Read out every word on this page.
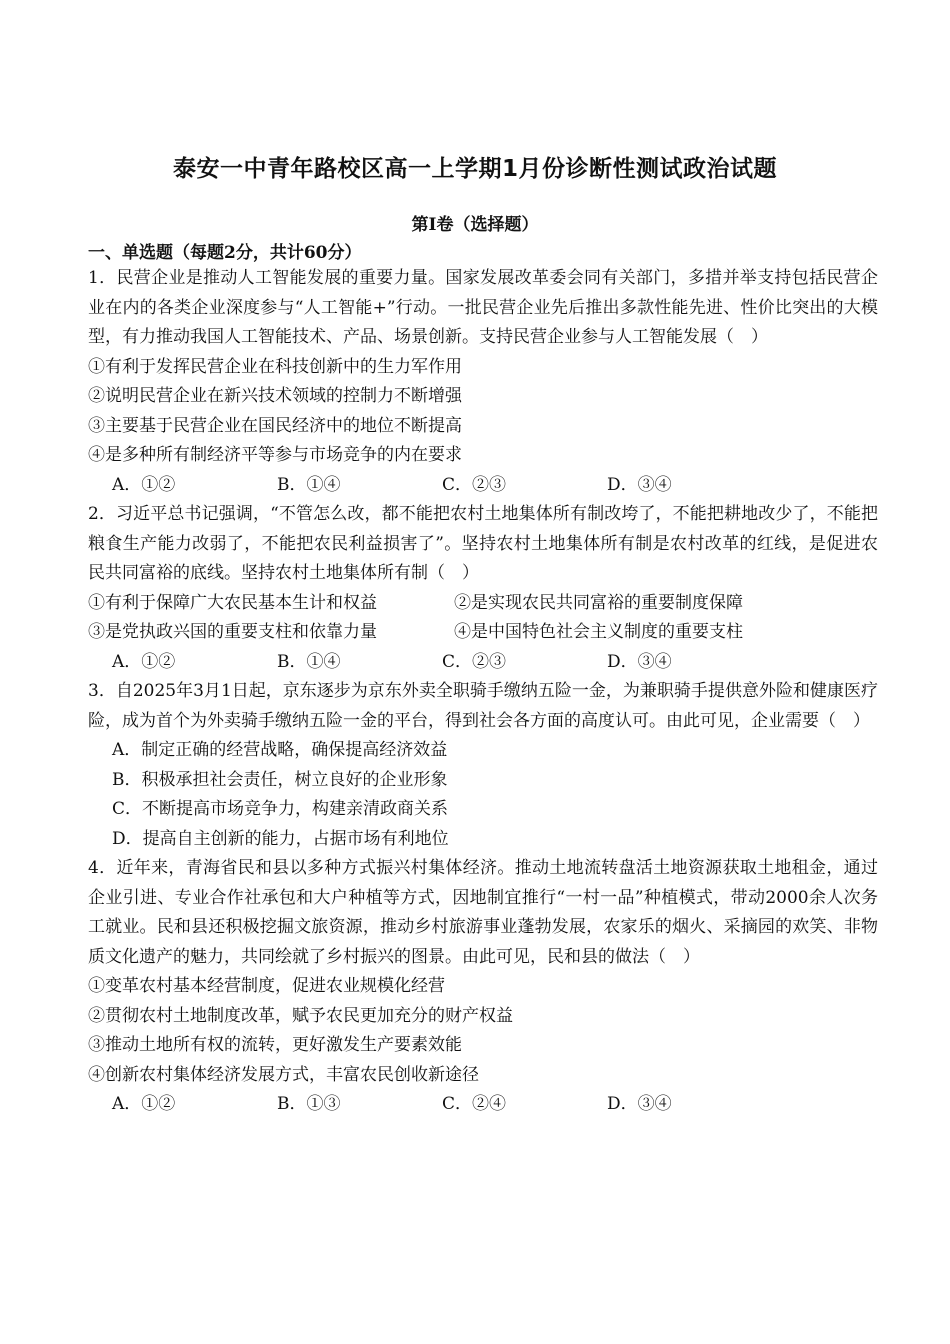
泰安一中青年路校区高一上学期1月份诊断性测试政治试题
第Ⅰ卷（选择题）
一、单选题（每题2分，共计60分）

1．民营企业是推动人工智能发展的重要力量。国家发展改革委会同有关部门，多措并举支持包括民营企业在内的各类企业深度参与“人工智能+”行动。一批民营企业先后推出多款性能先进、性价比突出的大模型，有力推动我国人工智能技术、产品、场景创新。支持民营企业参与人工智能发展（　）

①有利于发挥民营企业在科技创新中的生力军作用
②说明民营企业在新兴技术领域的控制力不断增强
③主要基于民营企业在国民经济中的地位不断提高
④是多种所有制经济平等参与市场竞争的内在要求
A．①②	B．①④	C．②③	D．③④

2．习近平总书记强调，“不管怎么改，都不能把农村土地集体所有制改垮了，不能把耕地改少了，不能把粮食生产能力改弱了，不能把农民利益损害了”。坚持农村土地集体所有制是农村改革的红线，是促进农民共同富裕的底线。坚持农村土地集体所有制（　）

①有利于保障广大农民基本生计和权益	②是实现农民共同富裕的重要制度保障
③是党执政兴国的重要支柱和依靠力量	④是中国特色社会主义制度的重要支柱
A．①②	B．①④	C．②③	D．③④

3．自2025年3月1日起，京东逐步为京东外卖全职骑手缴纳五险一金，为兼职骑手提供意外险和健康医疗险，成为首个为外卖骑手缴纳五险一金的平台，得到社会各方面的高度认可。由此可见，企业需要（　）

A．制定正确的经营战略，确保提高经济效益
B．积极承担社会责任，树立良好的企业形象
C．不断提高市场竞争力，构建亲清政商关系
D．提高自主创新的能力，占据市场有利地位

4．近年来，青海省民和县以多种方式振兴村集体经济。推动土地流转盘活土地资源获取土地租金，通过企业引进、专业合作社承包和大户种植等方式，因地制宜推行“一村一品”种植模式，带动2000余人次务工就业。民和县还积极挖掘文旅资源，推动乡村旅游事业蓬勃发展，农家乐的烟火、采摘园的欢笑、非物质文化遗产的魅力，共同绘就了乡村振兴的图景。由此可见，民和县的做法（　）

①变革农村基本经营制度，促进农业规模化经营
②贯彻农村土地制度改革，赋予农民更加充分的财产权益
③推动土地所有权的流转，更好激发生产要素效能
④创新农村集体经济发展方式，丰富农民创收新途径
A．①②	B．①③	C．②④	D．③④
